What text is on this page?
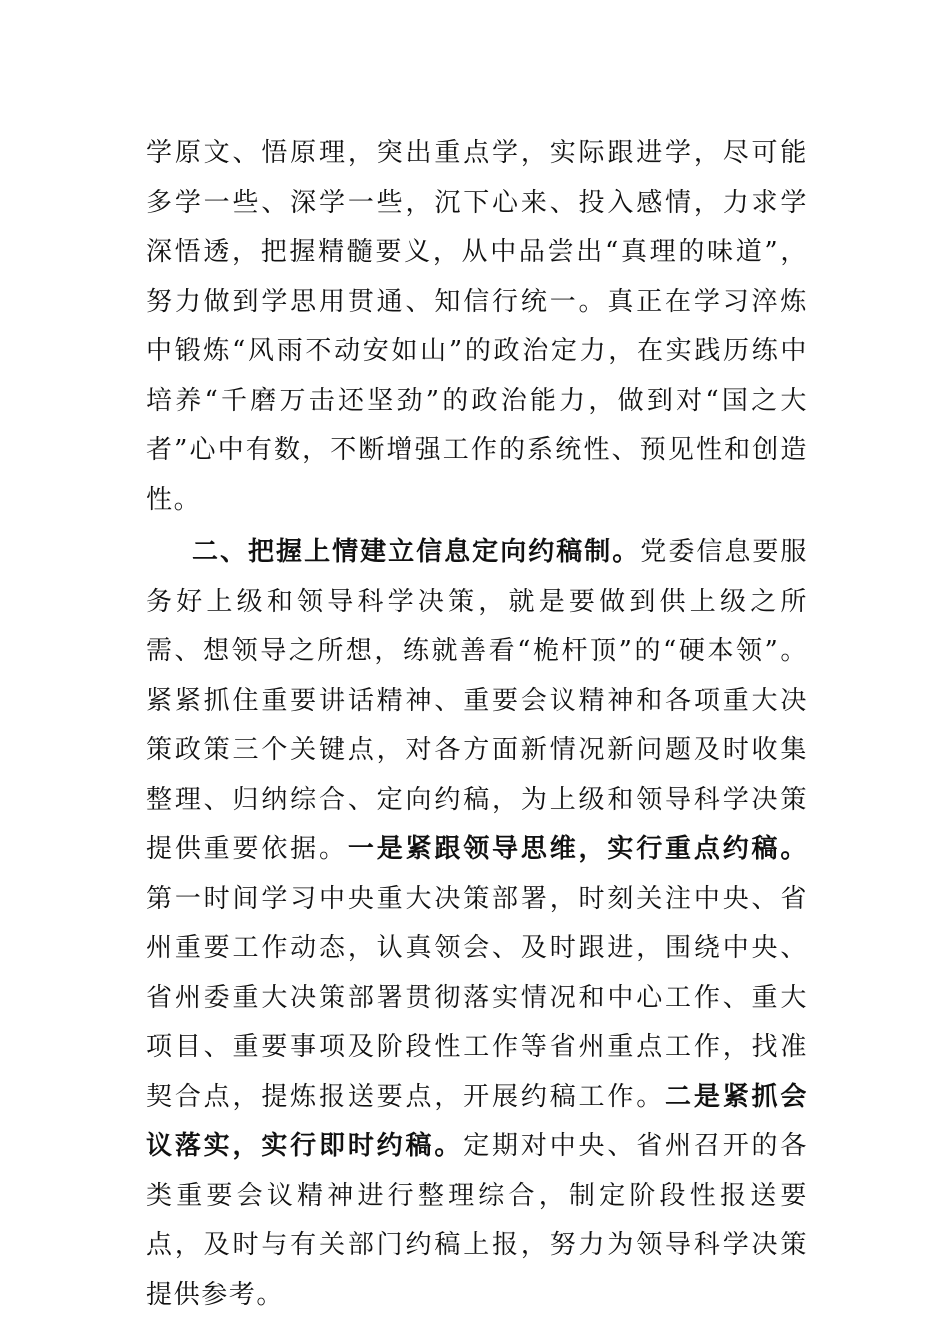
学原文、悟原理，突出重点学，实际跟进学，尽可能多学一些、深学一些，沉下心来、投入感情，力求学深悟透，把握精髓要义，从中品尝出“真理的味道”，努力做到学思用贯通、知信行统一。真正在学习淬炼中锻炼“风雨不动安如山”的政治定力，在实践历练中培养“千磨万击还坚劲”的政治能力，做到对“国之大者”心中有数，不断增强工作的系统性、预见性和创造性。

二、把握上情建立信息定向约稿制。党委信息要服务好上级和领导科学决策，就是要做到供上级之所需、想领导之所想，练就善看“桅杆顶”的“硬本领”。紧紧抓住重要讲话精神、重要会议精神和各项重大决策政策三个关键点，对各方面新情况新问题及时收集整理、归纳综合、定向约稿，为上级和领导科学决策提供重要依据。一是紧跟领导思维，实行重点约稿。第一时间学习中央重大决策部署，时刻关注中央、省州重要工作动态，认真领会、及时跟进，围绕中央、省州委重大决策部署贯彻落实情况和中心工作、重大项目、重要事项及阶段性工作等省州重点工作，找准契合点，提炼报送要点，开展约稿工作。二是紧抓会议落实，实行即时约稿。定期对中央、省州召开的各类重要会议精神进行整理综合，制定阶段性报送要点，及时与有关部门约稿上报，努力为领导科学决策提供参考。
